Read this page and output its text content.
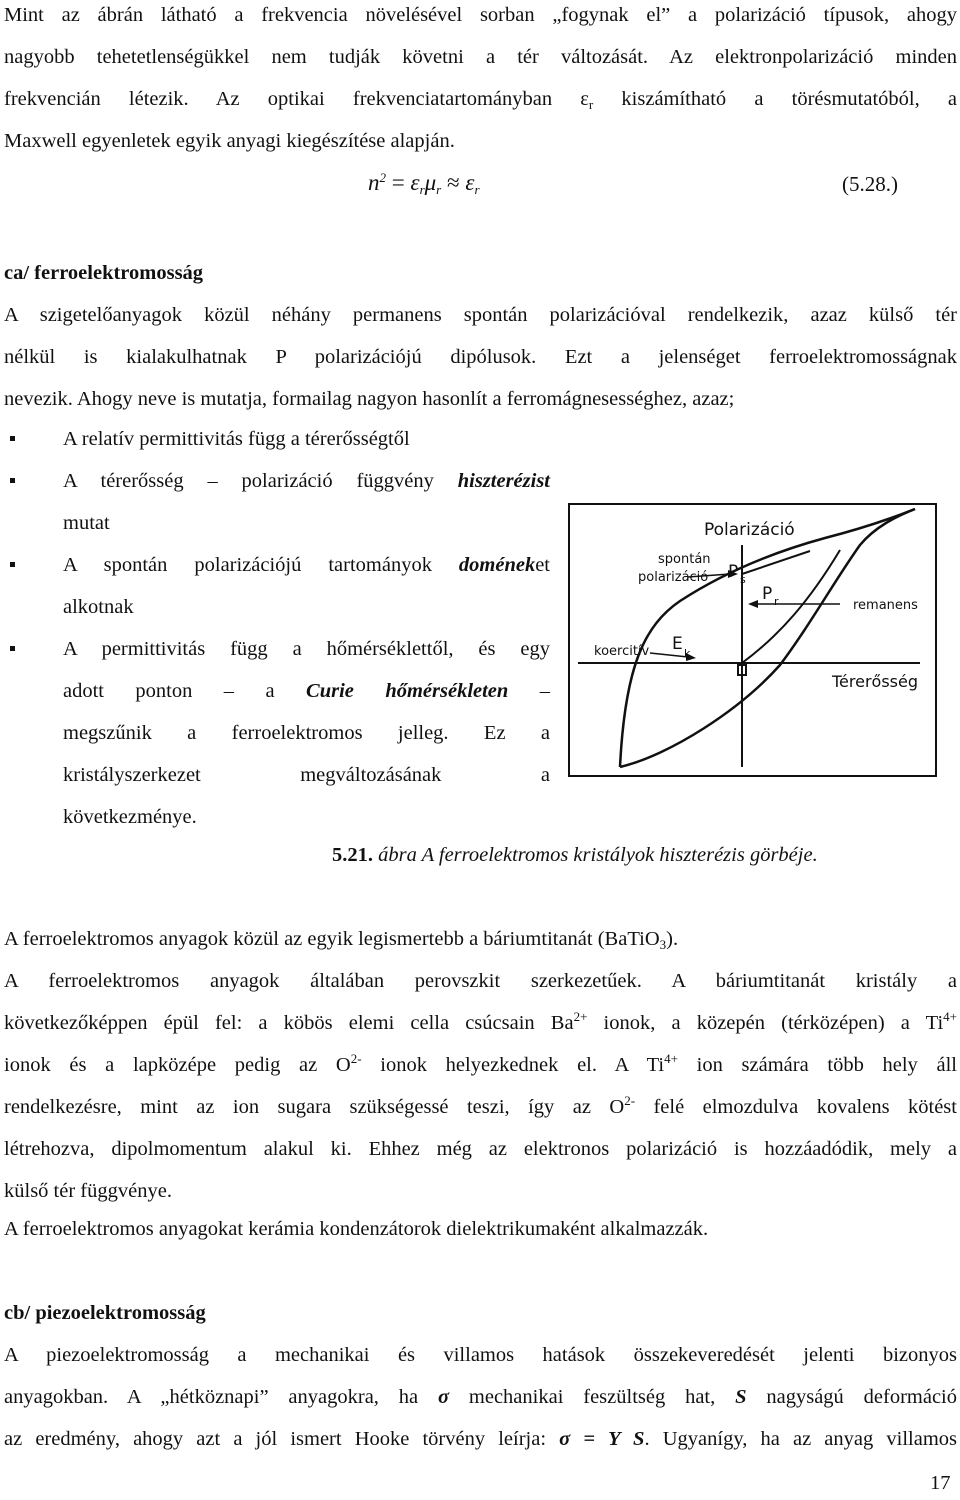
Mint az ábrán látható a frekvencia növelésével sorban „fogynak el” a polarizáció típusok, ahogy
nagyobb tehetetlenségükkel nem tudják követni a tér változását. Az elektronpolarizáció minden
frekvencián létezik. Az optikai frekvenciatartományban $\varepsilon_r$ kiszámítható a törésmutatóból, a
Maxwell egyenletek egyik anyagi kiegészítése alapján.
$n^2 = \varepsilon_r\mu_r \approx \varepsilon_r$	(5.28.)
ca/ ferroelektromosság
A szigetelőanyagok közül néhány permanens spontán polarizációval rendelkezik, azaz külső tér
nélkül is kialakulhatnak P polarizációjú dipólusok. Ezt a jelenséget ferroelektromosságnak
nevezik. Ahogy neve is mutatja, formailag nagyon hasonlít a ferromágnesességhez, azaz;
A relatív permittivitás függ a térerősségtől
A térerősség – polarizáció függvény hiszterézist
mutat
A spontán polarizációjú tartományok doméneket
alkotnak
A permittivitás függ a hőmérséklettől, és egy
adott ponton – a Curie hőmérsékleten –
megszűnik a ferroelektromos jelleg. Ez a
kristályszerkezet megváltozásának a
következménye.
Polarizáció
spontán
polarizáció P s
P r	remanens
koercitív E k
Térerősség
5.21. ábra A ferroelektromos kristályok hiszterézis görbéje.
A ferroelektromos anyagok közül az egyik legismertebb a báriumtitanát (BaTiO$_3$).
A ferroelektromos anyagok általában perovszkit szerkezetűek. A báriumtitanát kristály a
következőképpen épül fel: a köbös elemi cella csúcsain $Ba^{2+}$ ionok, a közepén (térközépen) a $Ti^{4+}$
ionok és a lapközépe pedig az $O^{2-}$ ionok helyezkednek el. A $Ti^{4+}$ ion számára több hely áll
rendelkezésre, mint az ion sugara szükségessé teszi, így az $O^{2-}$ felé elmozdulva kovalens kötést
létrehozva, dipolmomentum alakul ki. Ehhez még az elektronos polarizáció is hozzáadódik, mely a
külső tér függvénye.
A ferroelektromos anyagokat kerámia kondenzátorok dielektrikumaként alkalmazzák.
cb/ piezoelektromosság
A piezoelektromosság a mechanikai és villamos hatások összekeveredését jelenti bizonyos
anyagokban. A „hétköznapi” anyagokra, ha σ mechanikai feszültség hat, S nagyságú deformáció
az eredmény, ahogy azt a jól ismert Hooke törvény leírja: σ = Y S. Ugyanígy, ha az anyag villamos
17
